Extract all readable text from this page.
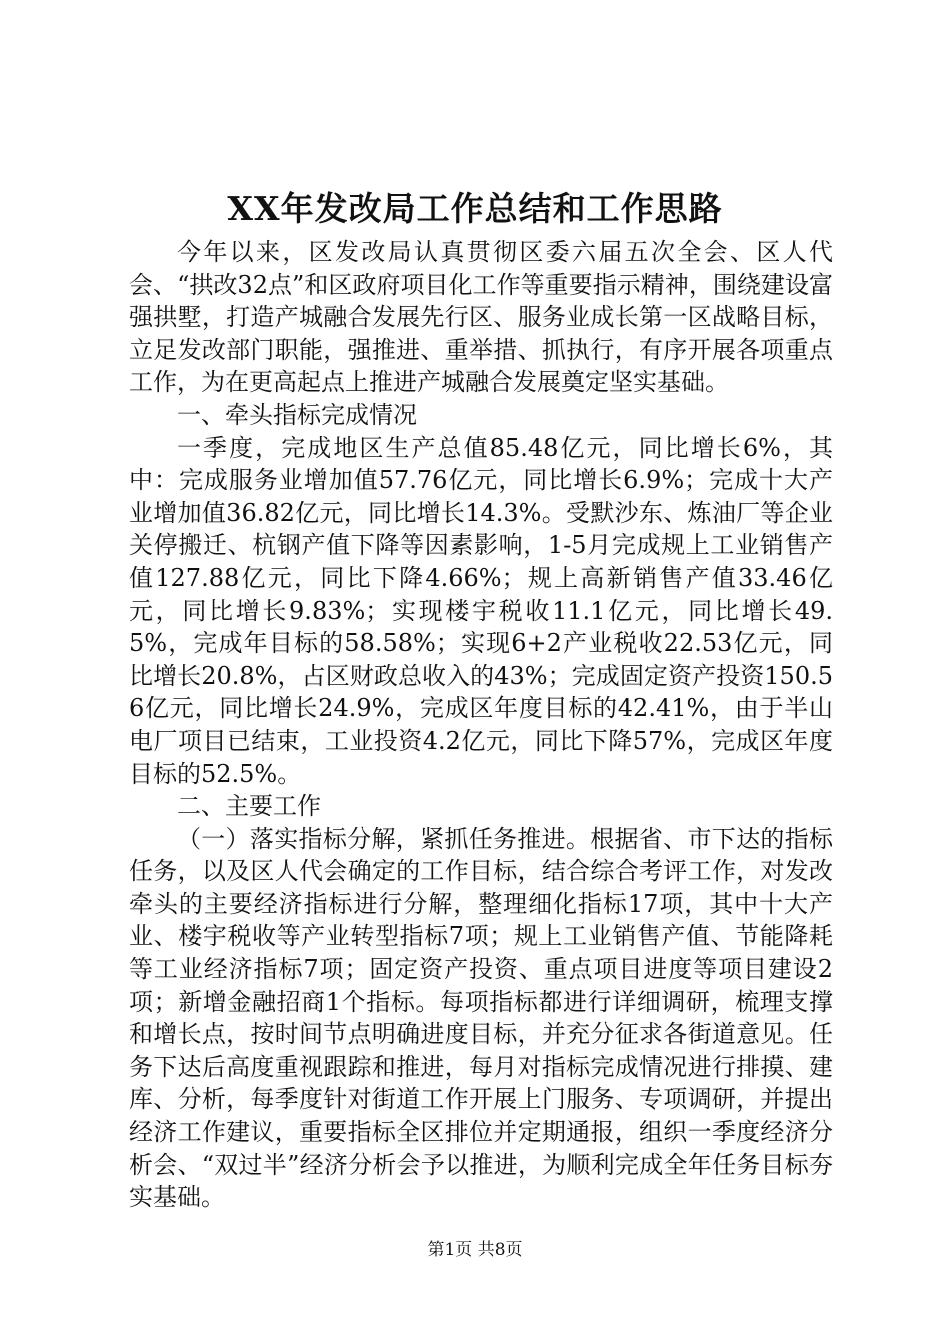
XX年发改局工作总结和工作思路

今年以来，区发改局认真贯彻区委六届五次全会、区人代会、“拱改32点”和区政府项目化工作等重要指示精神，围绕建设富强拱墅，打造产城融合发展先行区、服务业成长第一区战略目标，立足发改部门职能，强推进、重举措、抓执行，有序开展各项重点工作，为在更高起点上推进产城融合发展奠定坚实基础。

一、牵头指标完成情况

一季度，完成地区生产总值85.48亿元，同比增长6%，其中：完成服务业增加值57.76亿元，同比增长6.9%；完成十大产业增加值36.82亿元，同比增长14.3%。受默沙东、炼油厂等企业关停搬迁、杭钢产值下降等因素影响，1-5月完成规上工业销售产值127.88亿元，同比下降4.66%；规上高新销售产值33.46亿元，同比增长9.83%；实现楼宇税收11.1亿元，同比增长49.5%，完成年目标的58.58%；实现6+2产业税收22.53亿元，同比增长20.8%，占区财政总收入的43%；完成固定资产投资150.56亿元，同比增长24.9%，完成区年度目标的42.41%，由于半山电厂项目已结束，工业投资4.2亿元，同比下降57%，完成区年度目标的52.5%。

二、主要工作

（一）落实指标分解，紧抓任务推进。根据省、市下达的指标任务，以及区人代会确定的工作目标，结合综合考评工作，对发改牵头的主要经济指标进行分解，整理细化指标17项，其中十大产业、楼宇税收等产业转型指标7项；规上工业销售产值、节能降耗等工业经济指标7项；固定资产投资、重点项目进度等项目建设2项；新增金融招商1个指标。每项指标都进行详细调研，梳理支撑和增长点，按时间节点明确进度目标，并充分征求各街道意见。任务下达后高度重视跟踪和推进，每月对指标完成情况进行排摸、建库、分析，每季度针对街道工作开展上门服务、专项调研，并提出经济工作建议，重要指标全区排位并定期通报，组织一季度经济分析会、“双过半”经济分析会予以推进，为顺利完成全年任务目标夯实基础。

第1页 共8页
